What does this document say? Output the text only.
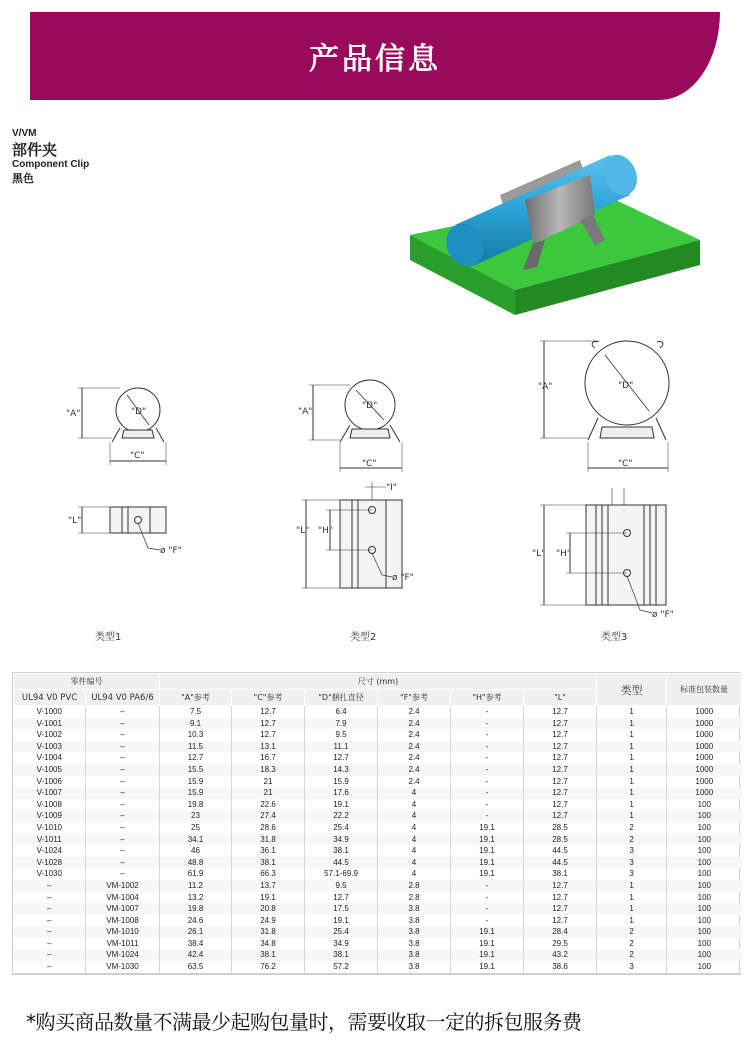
产品信息
V/VM
部件夹
Component Clip
黑色
"A"	"D"
"C"
"L"
ø "F"
"A"
"D"
"C"
"I"
"L" "H"
ø "F"
"A"	"D"
"C"
"L" "H"
ø "F"
类型1	类型2	类型3
零件编号		尺寸 (mm)						类型	标准包装数量
UL94 V0 PVC	UL94 V0 PA6/6	"A"参考	"C"参考	"D"捆扎直径	"F"参考	"H"参考	"L"		
V-1000	–	7.5	12.7	6.4	2.4	-	12.7	1	1000
V-1001	–	9.1	12.7	7.9	2.4	-	12.7	1	1000
V-1002	–	10.3	12.7	9.5	2.4	-	12.7	1	1000
V-1003	–	11.5	13.1	11.1	2.4	-	12.7	1	1000
V-1004	–	12.7	16.7	12.7	2.4	-	12.7	1	1000
V-1005	–	15.5	18.3	14.3	2.4	-	12.7	1	1000
V-1006	–	15.9	21	15.9	2.4	-	12.7	1	1000
V-1007	–	15.9	21	17.6	4	-	12.7	1	1000
V-1008	–	19.8	22.6	19.1	4	-	12.7	1	100
V-1009	–	23	27.4	22.2	4	-	12.7	1	100
V-1010	–	25	28.6	25.4	4	19.1	28.5	2	100
V-1011	–	34.1	31.8	34.9	4	19.1	28.5	2	100
V-1024	–	46	36.1	38.1	4	19.1	44.5	3	100
V-1028	–	48.8	38.1	44.5	4	19.1	44.5	3	100
V-1030	–	61.9	66.3	57.1-69.9	4	19.1	38.1	3	100
–	VM-1002	11.2	13.7	9.5	2.8	-	12.7	1	100
–	VM-1004	13.2	19.1	12.7	2.8	-	12.7	1	100
–	VM-1007	19.8	20.8	17.5	3.8	-	12.7	1	100
–	VM-1008	24.6	24.9	19.1	3.8	-	12.7	1	100
–	VM-1010	26.1	31.8	25.4	3.8	19.1	28.4	2	100
–	VM-1011	38.4	34.8	34.9	3.8	19.1	29.5	2	100
–	VM-1024	42.4	38.1	38.1	3.8	19.1	43.2	2	100
–	VM-1030	63.5	76.2	57.2	3.8	19.1	38.6	3	100
*购买商品数量不满最少起购包量时，需要收取一定的拆包服务费
